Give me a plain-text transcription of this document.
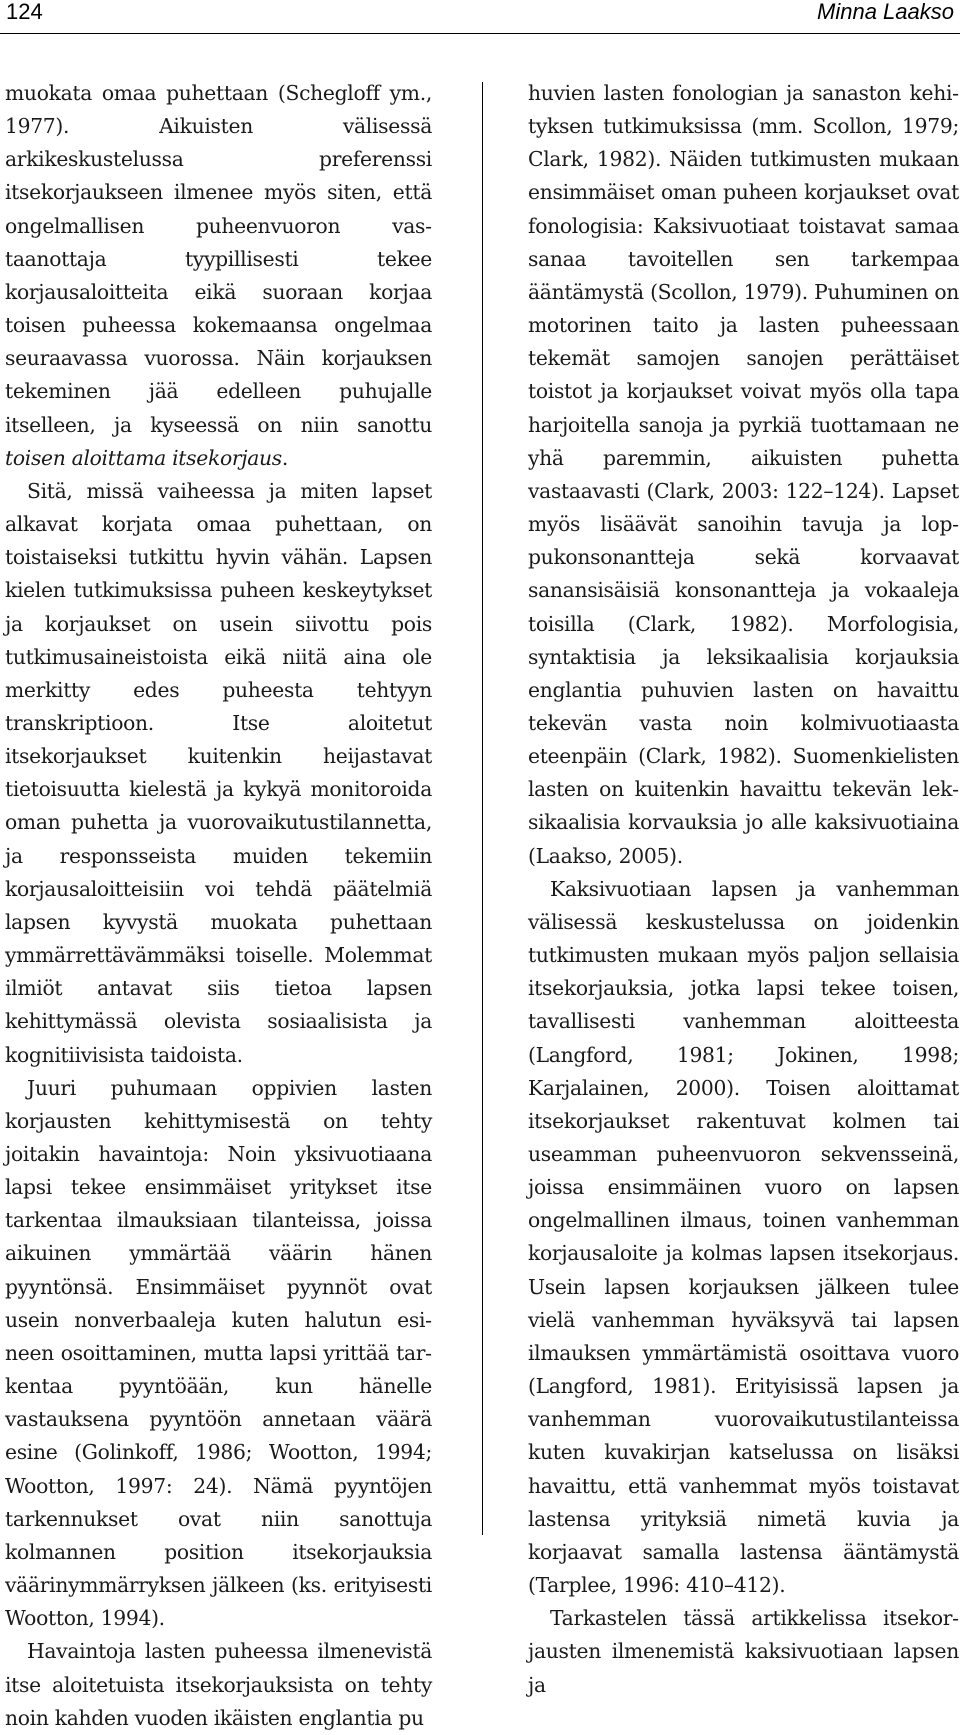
124	Minna Laakso

muokata omaa puhettaan (Schegloff ym., 1977). Aikuisten välisessä arkikeskustelussa preferenssi itsekorjaukseen ilmenee myös siten, että ongelmallisen puheenvuoron vastaanottaja tyypillisesti tekee korjausaloitteita eikä suoraan korjaa toisen puheessa kokemaansa ongelmaa seuraavassa vuorossa. Näin korjauksen tekeminen jää edelleen puhujalle itselleen, ja kyseessä on niin sanottu toisen aloittama itsekorjaus.

Sitä, missä vaiheessa ja miten lapset alkavat korjata omaa puhettaan, on toistaiseksi tutkittu hyvin vähän. Lapsen kielen tutkimuksissa puheen keskeytykset ja korjaukset on usein siivottu pois tutkimusaineistoista eikä niitä aina ole merkitty edes puheesta tehtyyn transkriptioon. Itse aloitetut itsekorjaukset kuitenkin heijastavat tietoisuutta kielestä ja kykyä monitoroida oman puhetta ja vuorovaikutustilannetta, ja responsseista muiden tekemiin korjausaloitteisiin voi tehdä päätelmiä lapsen kyvystä muokata puhettaan ymmärrettävämmäksi toiselle. Molemmat ilmiöt antavat siis tietoa lapsen kehittymässä olevista sosiaalisista ja kognitiivisista taidoista.

Juuri puhumaan oppivien lasten korjausten kehittymisestä on tehty joitakin havaintoja: Noin yksivuotiaana lapsi tekee ensimmäiset yritykset itse tarkentaa ilmauksiaan tilanteissa, joissa aikuinen ymmärtää väärin hänen pyyntönsä. Ensimmäiset pyynnöt ovat usein nonverbaaleja kuten halutun esineen osoittaminen, mutta lapsi yrittää tarkentaa pyyntöään, kun hänelle vastauksena pyyntöön annetaan väärä esine (Golinkoff, 1986; Wootton, 1994; Wootton, 1997: 24). Nämä pyyntöjen tarkennukset ovat niin sanottuja kolmannen position itsekorjauksia väärinymmärryksen jälkeen (ks. erityisesti Wootton, 1994).

Havaintoja lasten puheessa ilmenevistä itse aloitetuista itsekorjauksista on tehty noin kahden vuoden ikäisten englantia pu

huvien lasten fonologian ja sanaston kehityksen tutkimuksissa (mm. Scollon, 1979; Clark, 1982). Näiden tutkimusten mukaan ensimmäiset oman puheen korjaukset ovat fonologisia: Kaksivuotiaat toistavat samaa sanaa tavoitellen sen tarkempaa ääntämystä (Scollon, 1979). Puhuminen on motorinen taito ja lasten puheessaan tekemät samojen sanojen perättäiset toistot ja korjaukset voivat myös olla tapa harjoitella sanoja ja pyrkiä tuottamaan ne yhä paremmin, aikuisten puhetta vastaavasti (Clark, 2003: 122–124). Lapset myös lisäävät sanoihin tavuja ja loppukonsonantteja sekä korvaavat sanansisäisiä konsonantteja ja vokaaleja toisilla (Clark, 1982). Morfologisia, syntaktisia ja leksikaalisia korjauksia englantia puhuvien lasten on havaittu tekevän vasta noin kolmivuotiaasta eteenpäin (Clark, 1982). Suomenkielisten lasten on kuitenkin havaittu tekevän leksikaalisia korvauksia jo alle kaksivuotiaina (Laakso, 2005).

Kaksivuotiaan lapsen ja vanhemman välisessä keskustelussa on joidenkin tutkimusten mukaan myös paljon sellaisia itsekorjauksia, jotka lapsi tekee toisen, tavallisesti vanhemman aloitteesta (Langford, 1981; Jokinen, 1998; Karjalainen, 2000). Toisen aloittamat itsekorjaukset rakentuvat kolmen tai useamman puheenvuoron sekvensseinä, joissa ensimmäinen vuoro on lapsen ongelmallinen ilmaus, toinen vanhemman korjausaloite ja kolmas lapsen itsekorjaus. Usein lapsen korjauksen jälkeen tulee vielä vanhemman hyväksyvä tai lapsen ilmauksen ymmärtämistä osoittava vuoro (Langford, 1981). Erityisissä lapsen ja vanhemman vuorovaikutustilanteissa kuten kuvakirjan katselussa on lisäksi havaittu, että vanhemmat myös toistavat lastensa yrityksiä nimetä kuvia ja korjaavat samalla lastensa ääntämystä (Tarplee, 1996: 410–412).

Tarkastelen tässä artikkelissa itsekorjausten ilmenemistä kaksivuotiaan lapsen ja
